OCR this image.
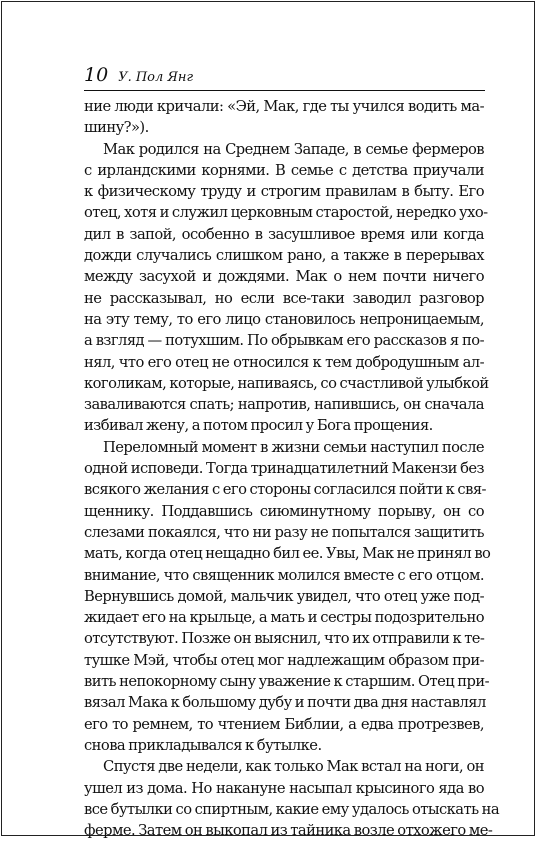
10 У. Пол Янг
ние люди кричали: «Эй, Мак, где ты учился водить ма-
шину?»).
Мак родился на Среднем Западе, в семье фермеров
с ирландскими корнями. В семье с детства приучали
к физическому труду и строгим правилам в быту. Его
отец, хотя и служил церковным старостой, нередко ухо-
дил в запой, особенно в засушливое время или когда
дожди случались слишком рано, а также в перерывах
между засухой и дождями. Мак о нем почти ничего
не рассказывал, но если все-таки заводил разговор
на эту тему, то его лицо становилось непроницаемым,
а взгляд — потухшим. По обрывкам его рассказов я по-
нял, что его отец не относился к тем добродушным ал-
коголикам, которые, напиваясь, со счастливой улыбкой
заваливаются спать; напротив, напившись, он сначала
избивал жену, а потом просил у Бога прощения.
Переломный момент в жизни семьи наступил после
одной исповеди. Тогда тринадцатилетний Макензи без
всякого желания с его стороны согласился пойти к свя-
щеннику. Поддавшись сиюминутному порыву, он со
слезами покаялся, что ни разу не попытался защитить
мать, когда отец нещадно бил ее. Увы, Мак не принял во
внимание, что священник молился вместе с его отцом.
Вернувшись домой, мальчик увидел, что отец уже под-
жидает его на крыльце, а мать и сестры подозрительно
отсутствуют. Позже он выяснил, что их отправили к те-
тушке Мэй, чтобы отец мог надлежащим образом при-
вить непокорному сыну уважение к старшим. Отец при-
вязал Мака к большому дубу и почти два дня наставлял
его то ремнем, то чтением Библии, а едва протрезвев,
снова прикладывался к бутылке.
Спустя две недели, как только Мак встал на ноги, он
ушел из дома. Но накануне насыпал крысиного яда во
все бутылки со спиртным, какие ему удалось отыскать на
ферме. Затем он выкопал из тайника возле отхожего ме-
